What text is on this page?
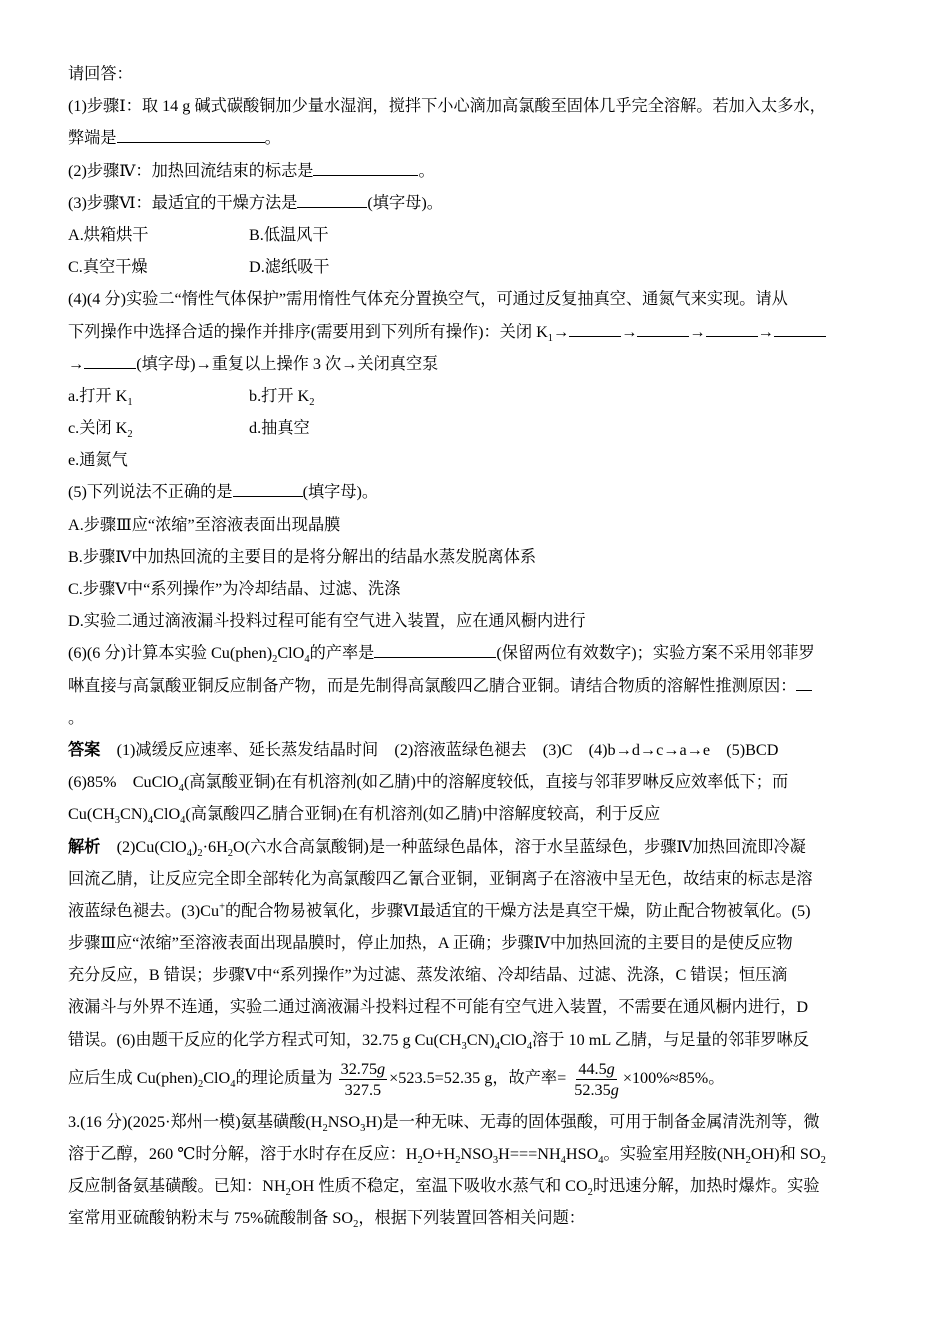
请回答：
(1)步骤Ⅰ：取 14 g 碱式碳酸铜加少量水湿润，搅拌下小心滴加高氯酸至固体几乎完全溶解。若加入太多水，
弊端是	。
(2)步骤Ⅳ：加热回流结束的标志是	。
(3)步骤Ⅵ：最适宜的干燥方法是	(填字母)。
A.烘箱烘干	B.低温风干
C.真空干燥	D.滤纸吸干
(4)(4 分)实验二“惰性气体保护”需用惰性气体充分置换空气，可通过反复抽真空、通氮气来实现。请从
下列操作中选择合适的操作并排序(需要用到下列所有操作)：关闭 $K_1\to$	→	→	→
→	(填字母)→重复以上操作 3 次→关闭真空泵
a.打开 $K_1$	b.打开 $K_2$
c.关闭 $K_2$	d.抽真空
e.通氮气
(5)下列说法不正确的是	(填字母)。
A.步骤Ⅲ应“浓缩”至溶液表面出现晶膜
B.步骤Ⅳ中加热回流的主要目的是将分解出的结晶水蒸发脱离体系
C.步骤Ⅴ中“系列操作”为冷却结晶、过滤、洗涤
D.实验二通过滴液漏斗投料过程可能有空气进入装置，应在通风橱内进行
(6)(6 分)计算本实验 $Cu(phen)_2ClO_4$的产率是	(保留两位有效数字)；实验方案不采用邻菲罗
啉直接与高氯酸亚铜反应制备产物，而是先制得高氯酸四乙腈合亚铜。请结合物质的溶解性推测原因：
。
答案　 (1)减缓反应速率、延长蒸发结晶时间　(2)溶液蓝绿色褪去　(3)C　(4)b→d→c→a→e　(5)BCD
(6)85%　CuClO$_4$(高氯酸亚铜)在有机溶剂(如乙腈)中的溶解度较低，直接与邻菲罗啉反应效率低下；而
$Cu(CH_3CN)_4ClO_4$(高氯酸四乙腈合亚铜)在有机溶剂(如乙腈)中溶解度较高，利于反应
解析　 $(2)Cu(ClO_4)_2\cdot 6H_2O$(六水合高氯酸铜)是一种蓝绿色晶体，溶于水呈蓝绿色，步骤Ⅳ加热回流即冷凝
回流乙腈，让反应完全即全部转化为高氯酸四乙氰合亚铜，亚铜离子在溶液中呈无色，故结束的标志是溶
液蓝绿色褪去。(3)Cu+的配合物易被氧化，步骤Ⅵ最适宜的干燥方法是真空干燥，防止配合物被氧化。(5)
步骤Ⅲ应“浓缩”至溶液表面出现晶膜时，停止加热，A 正确；步骤Ⅳ中加热回流的主要目的是使反应物
充分反应，B 错误；步骤Ⅴ中“系列操作”为过滤、蒸发浓缩、冷却结晶、过滤、洗涤，C 错误；恒压滴
液漏斗与外界不连通，实验二通过滴液漏斗投料过程不可能有空气进入装置，不需要在通风橱内进行，D
错误。(6)由题干反应的化学方程式可知，32.75 g $Cu(CH_3CN)_4ClO_4$溶于 10 mL 乙腈，与足量的邻菲罗啉反
应后生成 $Cu(phen)_2ClO_4$的理论质量为 $\frac{32.75g}{327.5} \times 523.5=52.35$ g，故产率= $\frac{44.5g}{52.35g} \times 100\%\approx 85\%$。
3.(16 分)(2025·郑州一模)氨基磺酸$(H_2NSO_3H)$是一种无味、无毒的固体强酸，可用于制备金属清洗剂等，微
溶于乙醇，260 ℃时分解，溶于水时存在反应：$H_2O+H_2NSO_3H===NH_4HSO_4$。实验室用羟胺$(NH_2OH)$和 $SO_2$
反应制备氨基磺酸。已知：$NH_2OH$ 性质不稳定，室温下吸收水蒸气和 $CO_2$时迅速分解，加热时爆炸。实验
室常用亚硫酸钠粉末与 75%硫酸制备 $SO_2$，根据下列装置回答相关问题：
